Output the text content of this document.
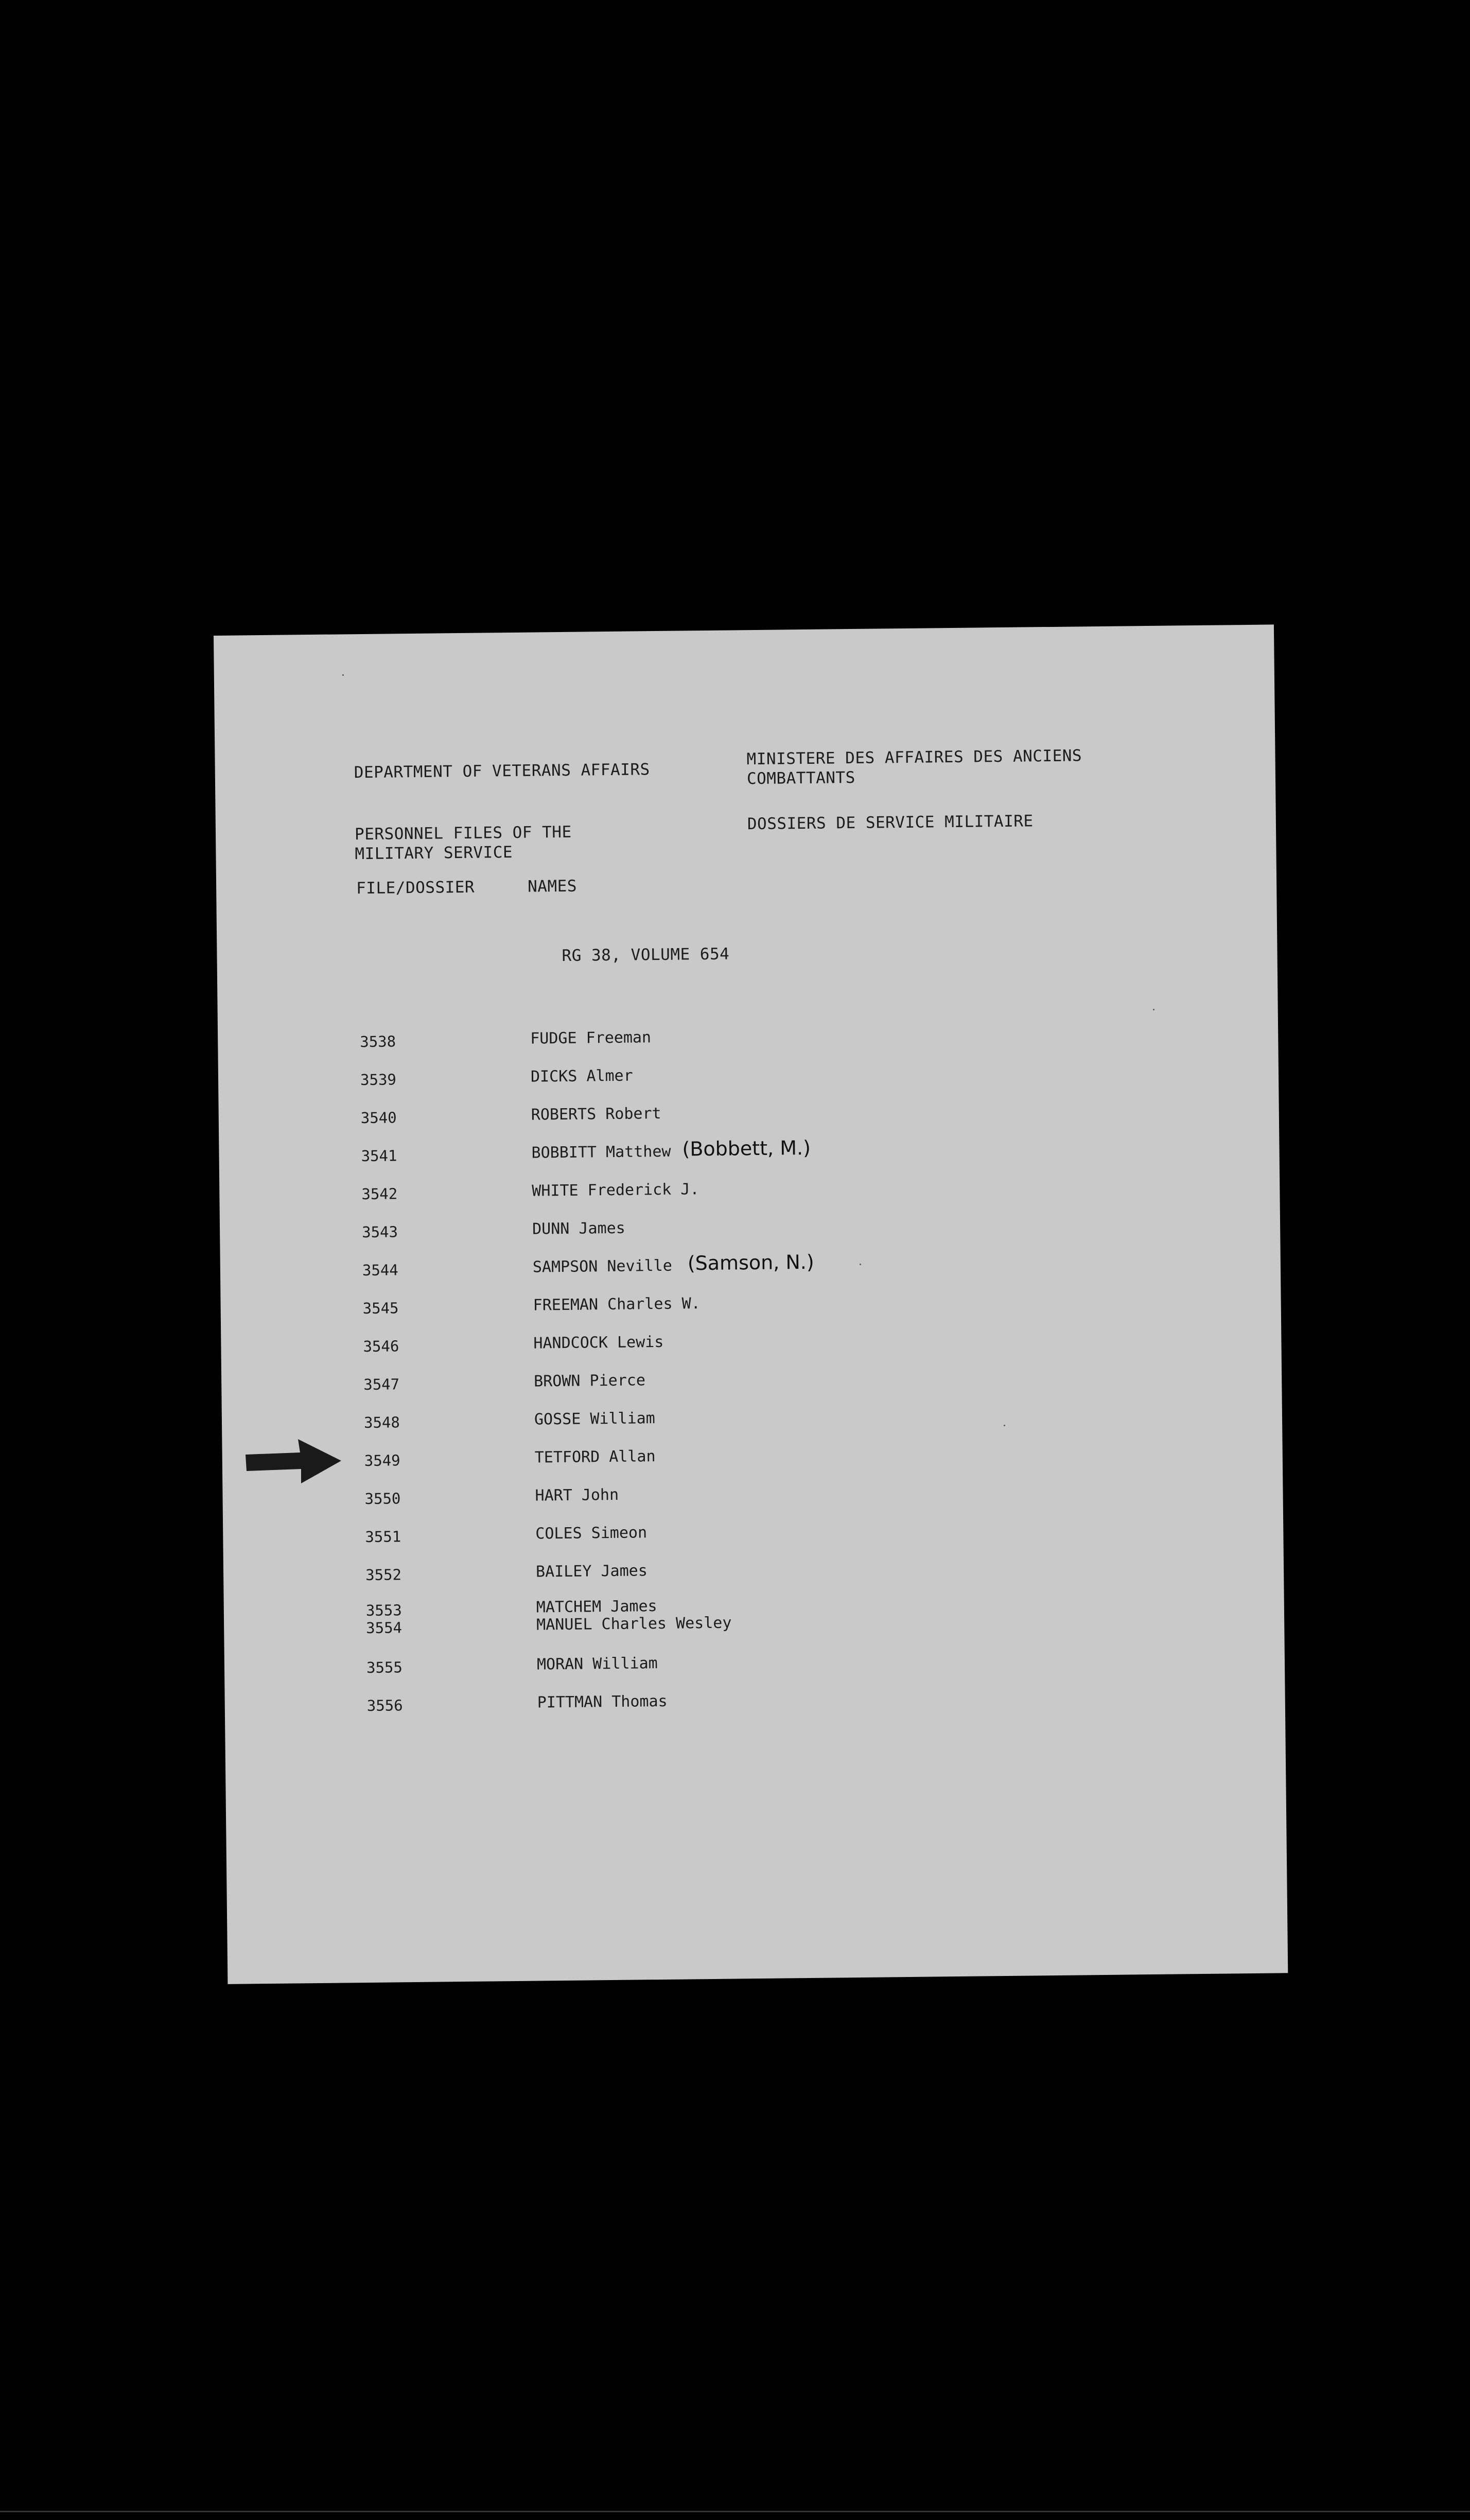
DEPARTMENT OF VETERANS AFFAIRS
MINISTERE DES AFFAIRES DES ANCIENS
COMBATTANTS
PERSONNEL FILES OF THE
MILITARY SERVICE
DOSSIERS DE SERVICE MILITAIRE
FILE/DOSSIER	NAMES
RG 38, VOLUME 654
3538	FUDGE Freeman
3539	DICKS Almer
3540	ROBERTS Robert
3541	BOBBITT Matthew (Bobbett, M.)
3542	WHITE Frederick J.
3543	DUNN James
3544	SAMPSON Neville (Samson, N.)
3545	FREEMAN Charles W.
3546	HANDCOCK Lewis
3547	BROWN Pierce
3548	GOSSE William
3549	TETFORD Allan
3550	HART John
3551	COLES Simeon
3552	BAILEY James
3553	MATCHEM James
3554	MANUEL Charles Wesley
3555	MORAN William
3556	PITTMAN Thomas
